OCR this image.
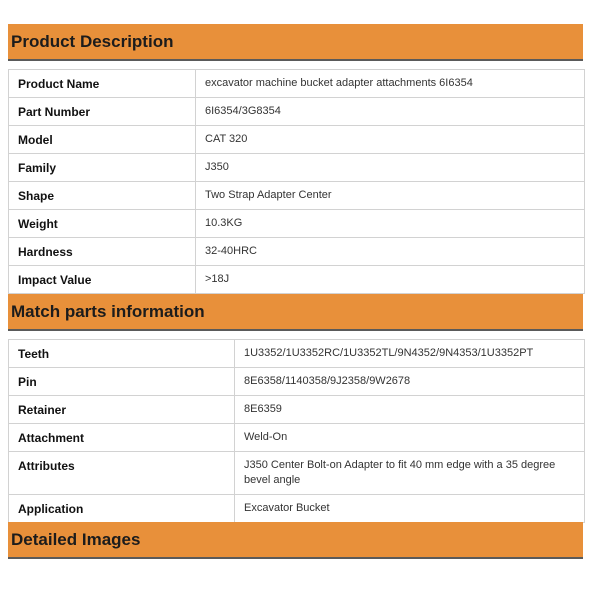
Product Description
Product Name	excavator machine bucket adapter attachments 6I6354
Part Number	6I6354/3G8354
Model	CAT 320
Family	J350
Shape	Two Strap Adapter Center
Weight	10.3KG
Hardness	32-40HRC
Impact Value	>18J
Match parts information
Teeth	1U3352/1U3352RC/1U3352TL/9N4352/9N4353/1U3352PT
Pin	8E6358/1140358/9J2358/9W2678
Retainer	8E6359
Attachment	Weld-On
Attributes	J350 Center Bolt-on Adapter to fit 40 mm edge with a 35 degree bevel angle
Application	Excavator Bucket
Detailed Images
